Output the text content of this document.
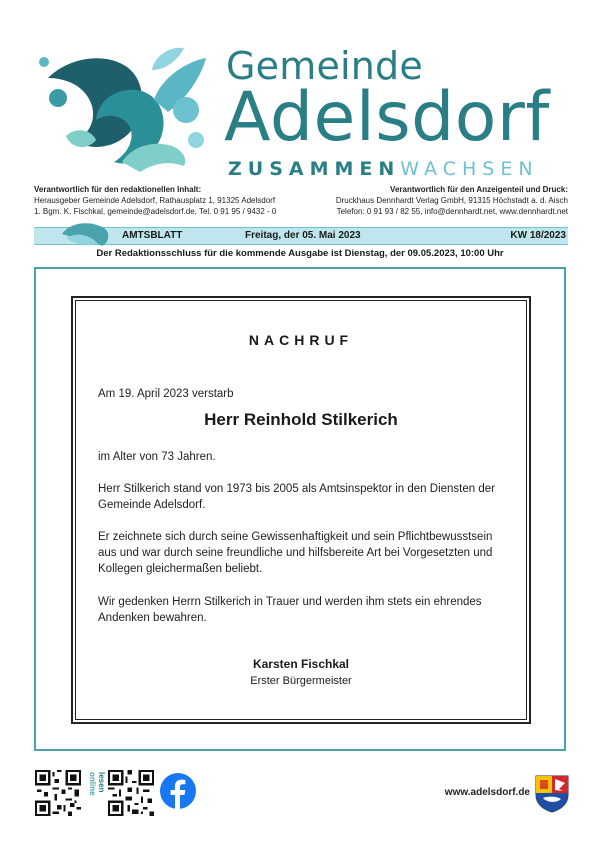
Gemeinde
Adelsdorf
ZUSAMMENWACHSEN
Verantwortlich für den redaktionellen Inhalt:
Herausgeber Gemeinde Adelsdorf, Rathausplatz 1, 91325 Adelsdorf
1. Bgm. K. Fischkal, gemeinde@adelsdorf.de, Tel. 0 91 95 / 9432 - 0
Verantwortlich für den Anzeigenteil und Druck:
Druckhaus Dennhardt Verlag GmbH, 91315 Höchstadt a. d. Aisch
Telefon: 0 91 93 / 82 55, info@dennhardt.net, www.dennhardt.net
AMTSBLATT	Freitag, der 05. Mai 2023	KW 18/2023
Der Redaktionsschluss für die kommende Ausgabe ist Dienstag, der 09.05.2023, 10:00 Uhr
NACHRUF
Am 19. April 2023 verstarb
Herr Reinhold Stilkerich
im Alter von 73 Jahren.
Herr Stilkerich stand von 1973 bis 2005 als Amtsinspektor in den Diensten der Gemeinde Adelsdorf.
Er zeichnete sich durch seine Gewissenhaftigkeit und sein Pflichtbewusstsein aus und war durch seine freundliche und hilfsbereite Art bei Vorgesetzten und Kollegen gleichermaßen beliebt.
Wir gedenken Herrn Stilkerich in Trauer und werden ihm stets ein ehrendes Andenken bewahren.
Karsten Fischkal
Erster Bürgermeister
online lesen
www.adelsdorf.de
